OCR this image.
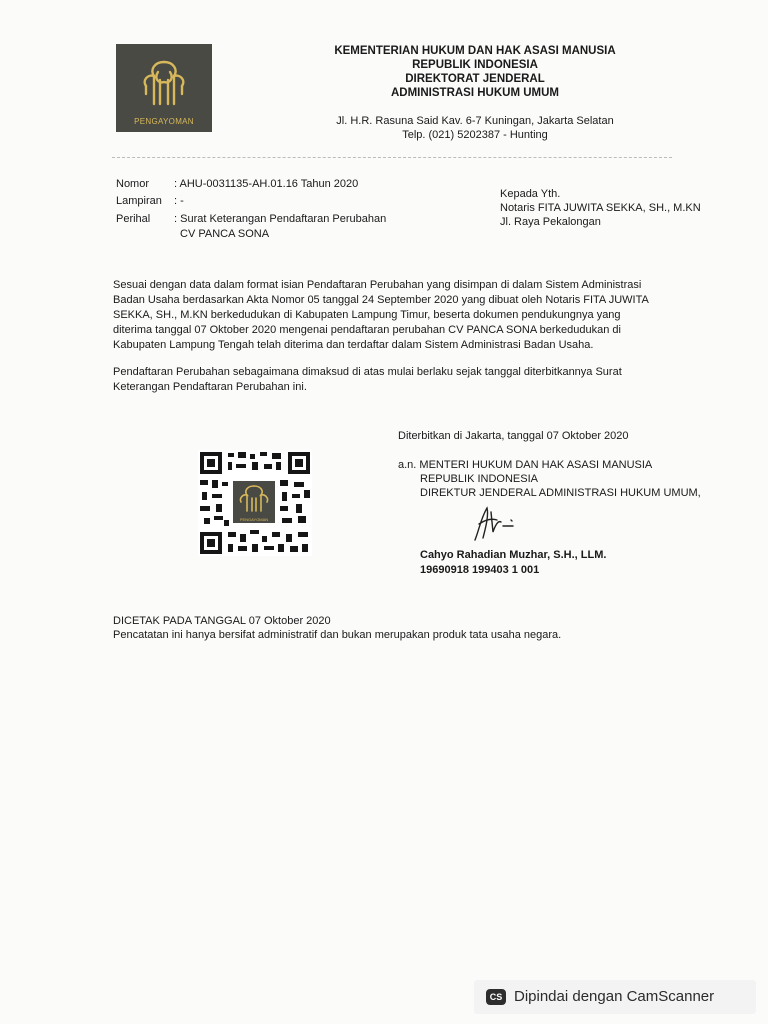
PENGAYOMAN
KEMENTERIAN HUKUM DAN HAK ASASI MANUSIA
REPUBLIK INDONESIA
DIREKTORAT JENDERAL
ADMINISTRASI HUKUM UMUM
Jl. H.R. Rasuna Said Kav. 6-7 Kuningan, Jakarta Selatan
Telp. (021) 5202387 - Hunting
Nomor : AHU-0031135-AH.01.16 Tahun 2020
Lampiran : -
Perihal : Surat Keterangan Pendaftaran Perubahan
CV PANCA SONA
Kepada Yth.
Notaris FITA JUWITA SEKKA, SH., M.KN
Jl. Raya Pekalongan
Sesuai dengan data dalam format isian Pendaftaran Perubahan yang disimpan di dalam Sistem Administrasi
Badan Usaha berdasarkan Akta Nomor 05 tanggal 24 September 2020 yang dibuat oleh Notaris FITA JUWITA
SEKKA, SH., M.KN berkedudukan di Kabupaten Lampung Timur, beserta dokumen pendukungnya yang
diterima tanggal 07 Oktober 2020 mengenai pendaftaran perubahan CV PANCA SONA berkedudukan di
Kabupaten Lampung Tengah telah diterima dan terdaftar dalam Sistem Administrasi Badan Usaha.
Pendaftaran Perubahan sebagaimana dimaksud di atas mulai berlaku sejak tanggal diterbitkannya Surat
Keterangan Pendaftaran Perubahan ini.
Diterbitkan di Jakarta, tanggal 07 Oktober 2020
a.n. MENTERI HUKUM DAN HAK ASASI MANUSIA
REPUBLIK INDONESIA
DIREKTUR JENDERAL ADMINISTRASI HUKUM UMUM,
Cahyo Rahadian Muzhar, S.H., LLM.
19690918 199403 1 001
PENGAYOMAN
DICETAK PADA TANGGAL 07 Oktober 2020
Pencatatan ini hanya bersifat administratif dan bukan merupakan produk tata usaha negara.
CS Dipindai dengan CamScanner
